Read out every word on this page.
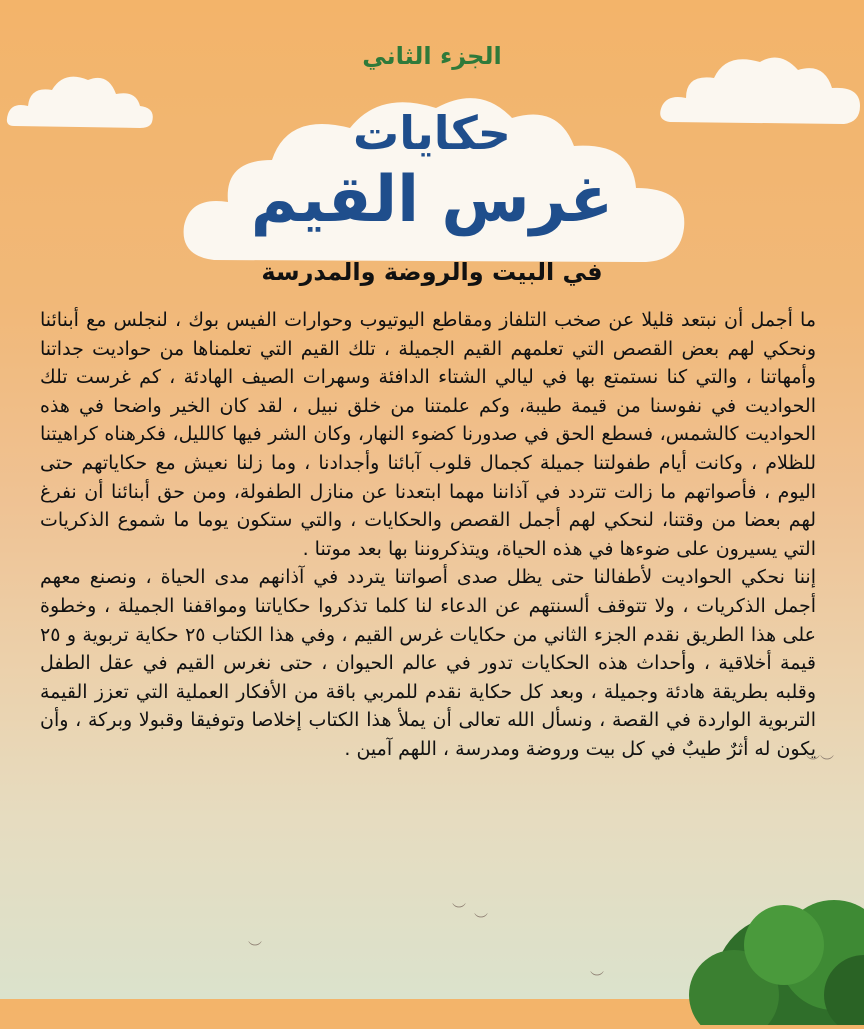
الجزء الثاني
حكايات
غرس القيم
في البيت والروضة والمدرسة

ما أجمل أن نبتعد قليلا عن صخب التلفاز ومقاطع اليوتيوب وحوارات الفيس بوك ، لنجلس مع أبنائنا ونحكي لهم بعض القصص التي تعلمهم القيم الجميلة ، تلك القيم التي تعلمناها من حواديت جداتنا وأمهاتنا ، والتي كنا نستمتع بها في ليالي الشتاء الدافئة وسهرات الصيف الهادئة ، كم غرست تلك الحواديت في نفوسنا من قيمة طيبة، وكم علمتنا من خلق نبيل ، لقد كان الخير واضحا في هذه الحواديت كالشمس، فسطع الحق في صدورنا كضوء النهار، وكان الشر فيها كالليل، فكرهناه كراهيتنا للظلام ، وكانت أيام طفولتنا جميلة كجمال قلوب آبائنا وأجدادنا ، وما زلنا نعيش مع حكاياتهم حتى اليوم ، فأصواتهم ما زالت تتردد في آذاننا مهما ابتعدنا عن منازل الطفولة، ومن حق أبنائنا أن نفرغ لهم بعضا من وقتنا، لنحكي لهم أجمل القصص والحكايات ، والتي ستكون يوما ما شموع الذكريات التي يسيرون على ضوءها في هذه الحياة، ويتذكروننا بها بعد موتنا .

إننا نحكي الحواديت لأطفالنا حتى يظل صدى أصواتنا يتردد في آذانهم مدى الحياة ، ونصنع معهم أجمل الذكريات ، ولا تتوقف ألسنتهم عن الدعاء لنا كلما تذكروا حكاياتنا ومواقفنا الجميلة ، وخطوة على هذا الطريق نقدم الجزء الثاني من حكايات غرس القيم ، وفي هذا الكتاب ٢٥ حكاية تربوية و ٢٥ قيمة أخلاقية ، وأحداث هذه الحكايات تدور في عالم الحيوان ، حتى نغرس القيم في عقل الطفل وقلبه بطريقة هادئة وجميلة ، وبعد كل حكاية نقدم للمربي باقة من الأفكار العملية التي تعزز القيمة التربوية الواردة في القصة ، ونسأل الله تعالى أن يملأ هذا الكتاب إخلاصا وتوفيقا وقبولا وبركة ، وأن يكون له أثرٌ طيبٌ في كل بيت وروضة ومدرسة ، اللهم آمين .

︶︶
︶
︶
︶
︶
